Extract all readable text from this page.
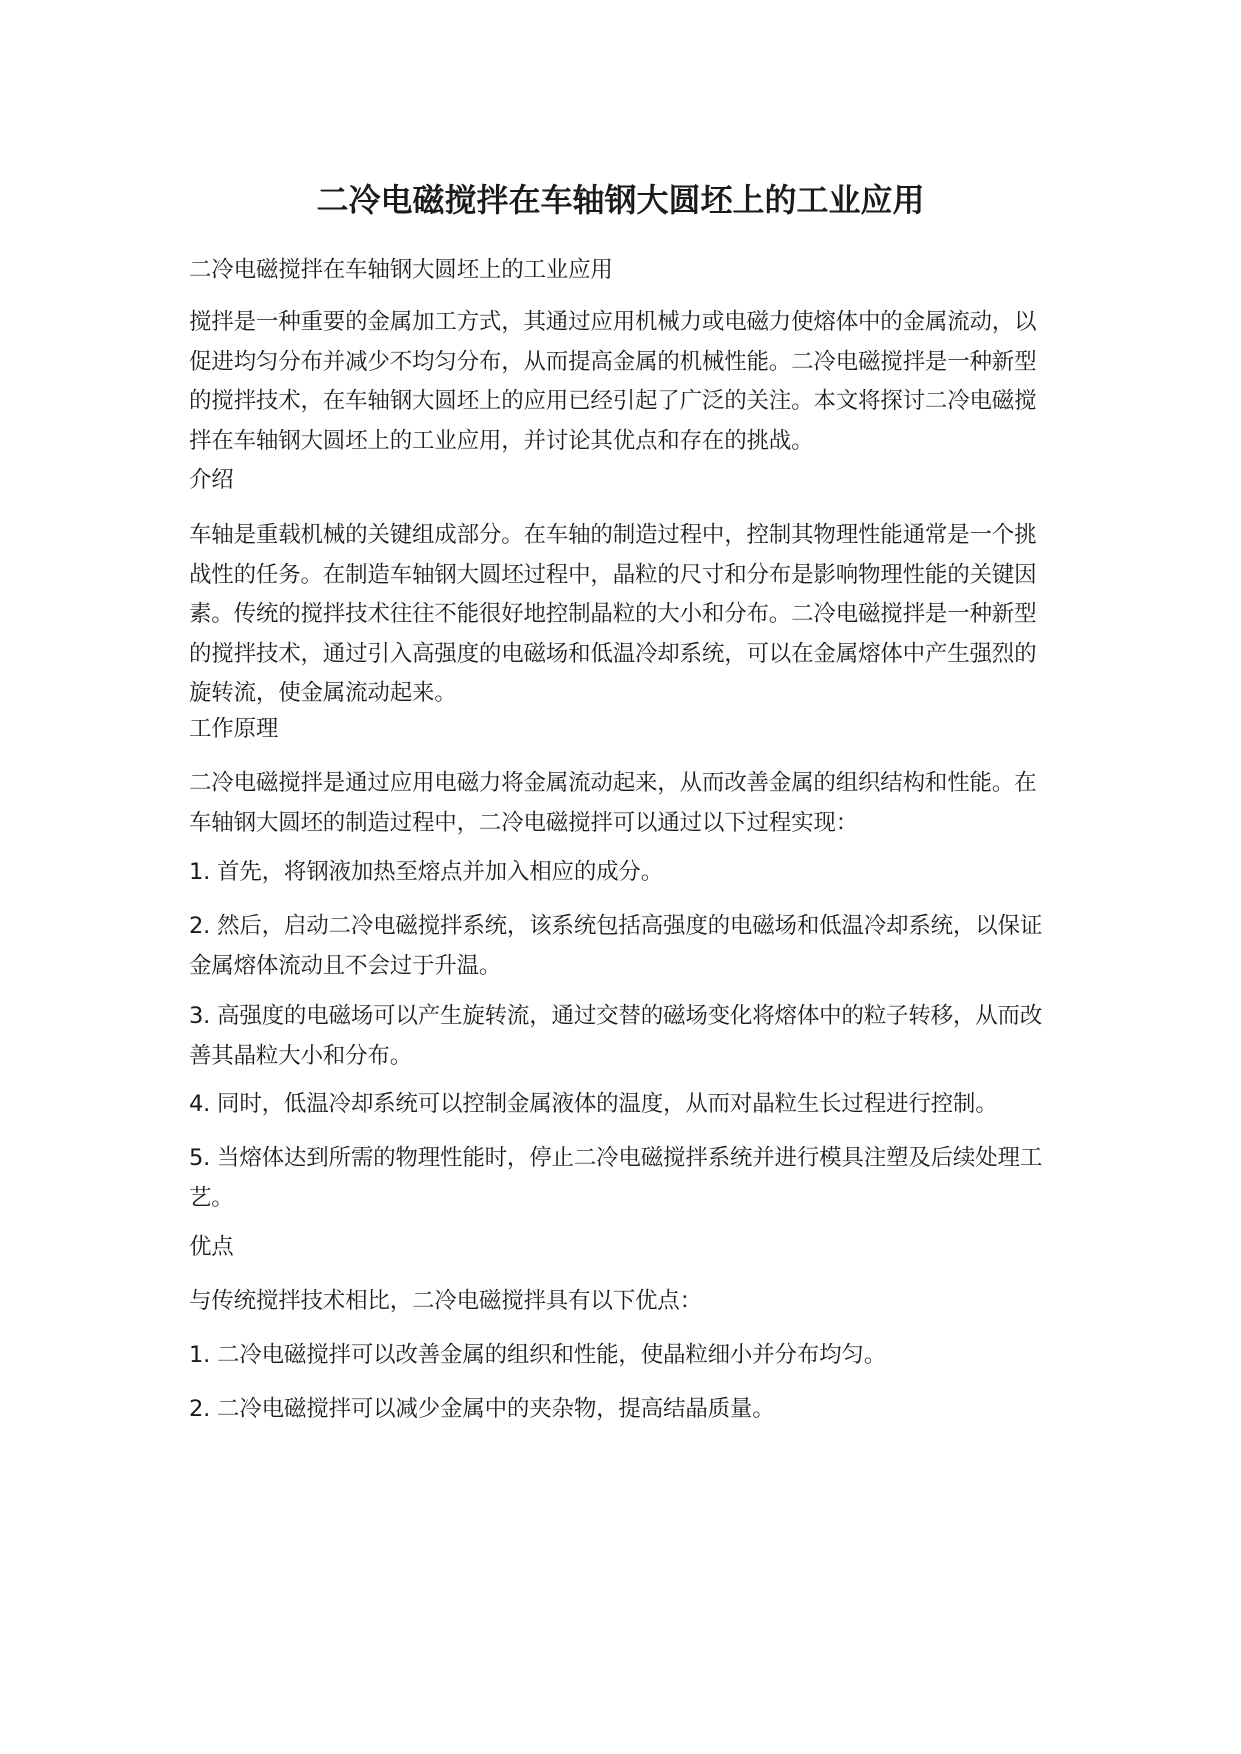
二冷电磁搅拌在车轴钢大圆坯上的工业应用

二冷电磁搅拌在车轴钢大圆坯上的工业应用

搅拌是一种重要的金属加工方式，其通过应用机械力或电磁力使熔体中的金属流动，以促进均匀分布并减少不均匀分布，从而提高金属的机械性能。二冷电磁搅拌是一种新型的搅拌技术，在车轴钢大圆坯上的应用已经引起了广泛的关注。本文将探讨二冷电磁搅拌在车轴钢大圆坯上的工业应用，并讨论其优点和存在的挑战。

介绍

车轴是重载机械的关键组成部分。在车轴的制造过程中，控制其物理性能通常是一个挑战性的任务。在制造车轴钢大圆坯过程中，晶粒的尺寸和分布是影响物理性能的关键因素。传统的搅拌技术往往不能很好地控制晶粒的大小和分布。二冷电磁搅拌是一种新型的搅拌技术，通过引入高强度的电磁场和低温冷却系统，可以在金属熔体中产生强烈的旋转流，使金属流动起来。

工作原理

二冷电磁搅拌是通过应用电磁力将金属流动起来，从而改善金属的组织结构和性能。在车轴钢大圆坯的制造过程中，二冷电磁搅拌可以通过以下过程实现：

1. 首先，将钢液加热至熔点并加入相应的成分。

2. 然后，启动二冷电磁搅拌系统，该系统包括高强度的电磁场和低温冷却系统，以保证金属熔体流动且不会过于升温。

3. 高强度的电磁场可以产生旋转流，通过交替的磁场变化将熔体中的粒子转移，从而改善其晶粒大小和分布。

4. 同时，低温冷却系统可以控制金属液体的温度，从而对晶粒生长过程进行控制。

5. 当熔体达到所需的物理性能时，停止二冷电磁搅拌系统并进行模具注塑及后续处理工艺。

优点

与传统搅拌技术相比，二冷电磁搅拌具有以下优点：

1. 二冷电磁搅拌可以改善金属的组织和性能，使晶粒细小并分布均匀。

2. 二冷电磁搅拌可以减少金属中的夹杂物，提高结晶质量。
